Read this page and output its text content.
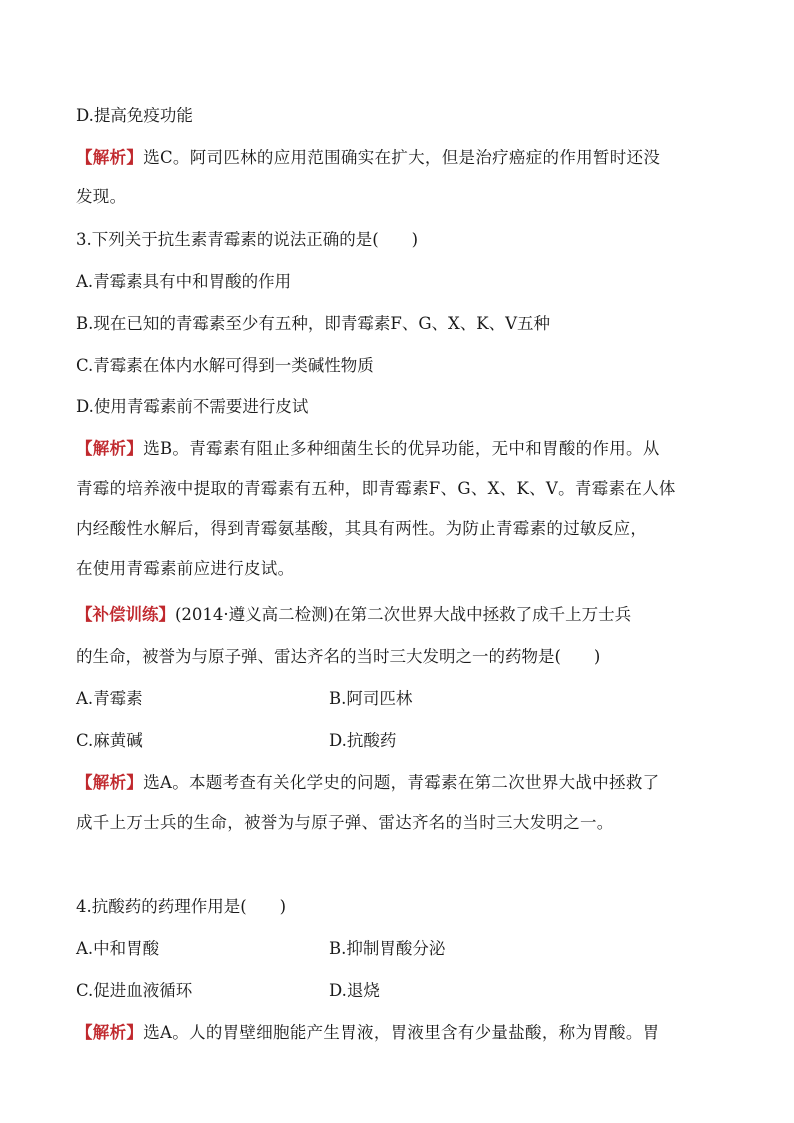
D.提高免疫功能
【解析】选C。阿司匹林的应用范围确实在扩大，但是治疗癌症的作用暂时还没
发现。
3.下列关于抗生素青霉素的说法正确的是(　　)
A.青霉素具有中和胃酸的作用
B.现在已知的青霉素至少有五种，即青霉素F、G、X、K、V五种
C.青霉素在体内水解可得到一类碱性物质
D.使用青霉素前不需要进行皮试
【解析】选B。青霉素有阻止多种细菌生长的优异功能，无中和胃酸的作用。从
青霉的培养液中提取的青霉素有五种，即青霉素F、G、X、K、V。青霉素在人体
内经酸性水解后，得到青霉氨基酸，其具有两性。为防止青霉素的过敏反应，
在使用青霉素前应进行皮试。
【补偿训练】(2014·遵义高二检测)在第二次世界大战中拯救了成千上万士兵
的生命，被誉为与原子弹、雷达齐名的当时三大发明之一的药物是(　　)
A.青霉素	B.阿司匹林
C.麻黄碱	D.抗酸药
【解析】选A。本题考查有关化学史的问题，青霉素在第二次世界大战中拯救了
成千上万士兵的生命，被誉为与原子弹、雷达齐名的当时三大发明之一。
4.抗酸药的药理作用是(　　)
A.中和胃酸	B.抑制胃酸分泌
C.促进血液循环	D.退烧
【解析】选A。人的胃壁细胞能产生胃液，胃液里含有少量盐酸，称为胃酸。胃
